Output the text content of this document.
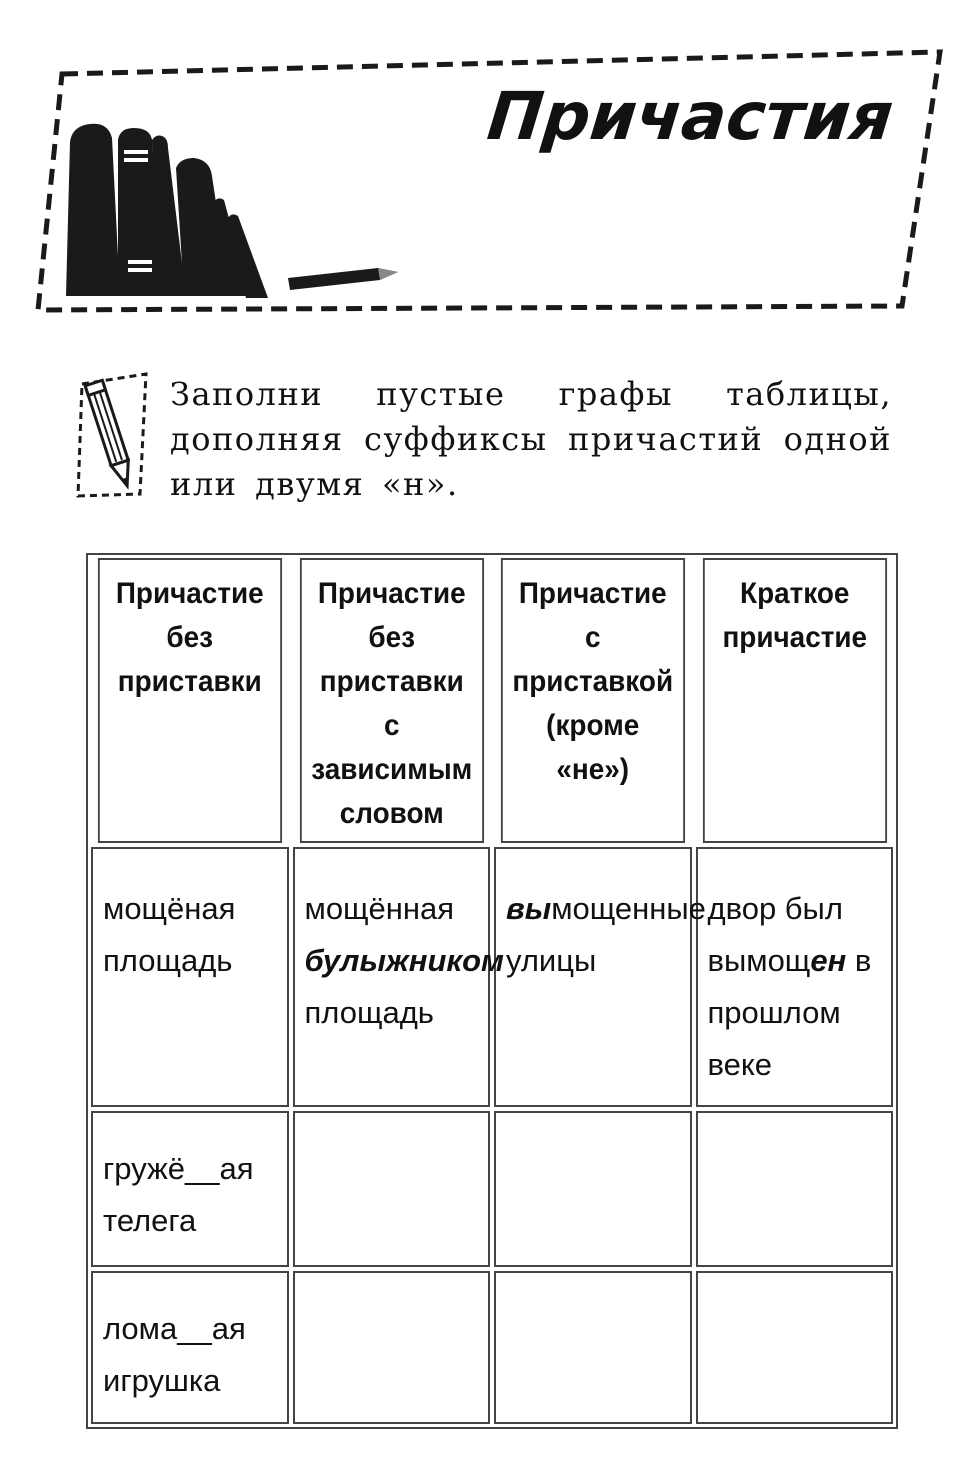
Причастия
Заполни пустые графы таблицы, дополняя суффиксы причастий одной или двумя «н».
Причастие без приставки	Причастие без приставки с зависимым словом	Причастие с приставкой (кроме «не»)	Краткое причастие
мощёная площадь	мощённая булыжником площадь	вымощенные улицы	двор был вымощен в прошлом веке
гружё__ая телега			
лома__ая игрушка			
